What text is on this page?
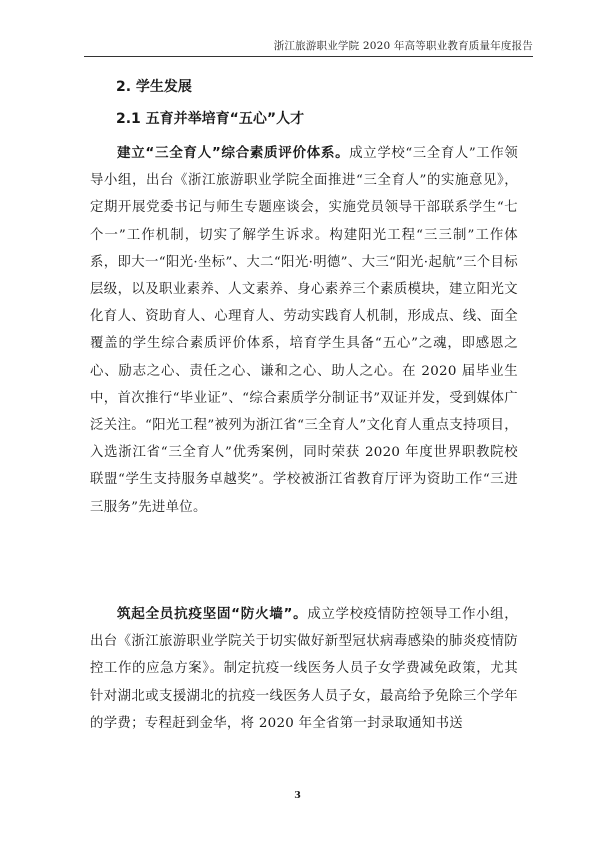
浙江旅游职业学院 2020 年高等职业教育质量年度报告
2. 学生发展
2.1 五育并举培育“五心”人才

建立“三全育人”综合素质评价体系。成立学校“三全育人”工作领导小组，出台《浙江旅游职业学院全面推进“三全育人”的实施意见》，定期开展党委书记与师生专题座谈会，实施党员领导干部联系学生“七个一”工作机制，切实了解学生诉求。构建阳光工程“三三制”工作体系，即大一“阳光·坐标”、大二“阳光·明德”、大三“阳光·起航”三个目标层级，以及职业素养、人文素养、身心素养三个素质模块，建立阳光文化育人、资助育人、心理育人、劳动实践育人机制，形成点、线、面全覆盖的学生综合素质评价体系，培育学生具备“五心”之魂，即感恩之心、励志之心、责任之心、谦和之心、助人之心。在 2020 届毕业生中，首次推行“毕业证”、“综合素质学分制证书”双证并发，受到媒体广泛关注。“阳光工程”被列为浙江省“三全育人”文化育人重点支持项目，入选浙江省“三全育人”优秀案例，同时荣获 2020 年度世界职教院校联盟“学生支持服务卓越奖”。学校被浙江省教育厅评为资助工作“三进三服务”先进单位。

筑起全员抗疫坚固“防火墙”。成立学校疫情防控领导工作小组，出台《浙江旅游职业学院关于切实做好新型冠状病毒感染的肺炎疫情防控工作的应急方案》。制定抗疫一线医务人员子女学费减免政策，尤其针对湖北或支援湖北的抗疫一线医务人员子女，最高给予免除三个学年的学费；专程赶到金华，将 2020 年全省第一封录取通知书送

3
